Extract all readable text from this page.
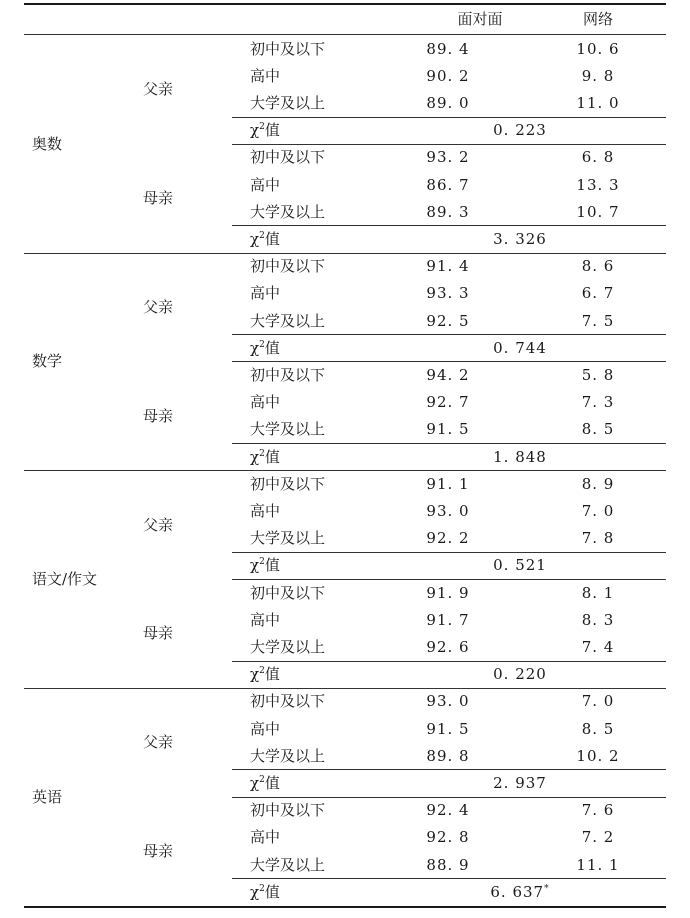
面对面	网络
奥数
父亲
初中及以下	89. 4	10. 6
高中	90. 2	9. 8
大学及以上	89. 0	11. 0
$\chi^2$值	0. 223
母亲
初中及以下	93. 2	6. 8
高中	86. 7	13. 3
大学及以上	89. 3	10. 7
$\chi^2$值	3. 326
数学
父亲
初中及以下	91. 4	8. 6
高中	93. 3	6. 7
大学及以上	92. 5	7. 5
$\chi^2$值	0. 744
母亲
初中及以下	94. 2	5. 8
高中	92. 7	7. 3
大学及以上	91. 5	8. 5
$\chi^2$值	1. 848
语文/作文
父亲
初中及以下	91. 1	8. 9
高中	93. 0	7. 0
大学及以上	92. 2	7. 8
$\chi^2$值	0. 521
母亲
初中及以下	91. 9	8. 1
高中	91. 7	8. 3
大学及以上	92. 6	7. 4
$\chi^2$值	0. 220
英语
父亲
初中及以下	93. 0	7. 0
高中	91. 5	8. 5
大学及以上	89. 8	10. 2
$\chi^2$值	2. 937
母亲
初中及以下	92. 4	7. 6
高中	92. 8	7. 2
大学及以上	88. 9	11. 1
$\chi^2$值	6. 637*
